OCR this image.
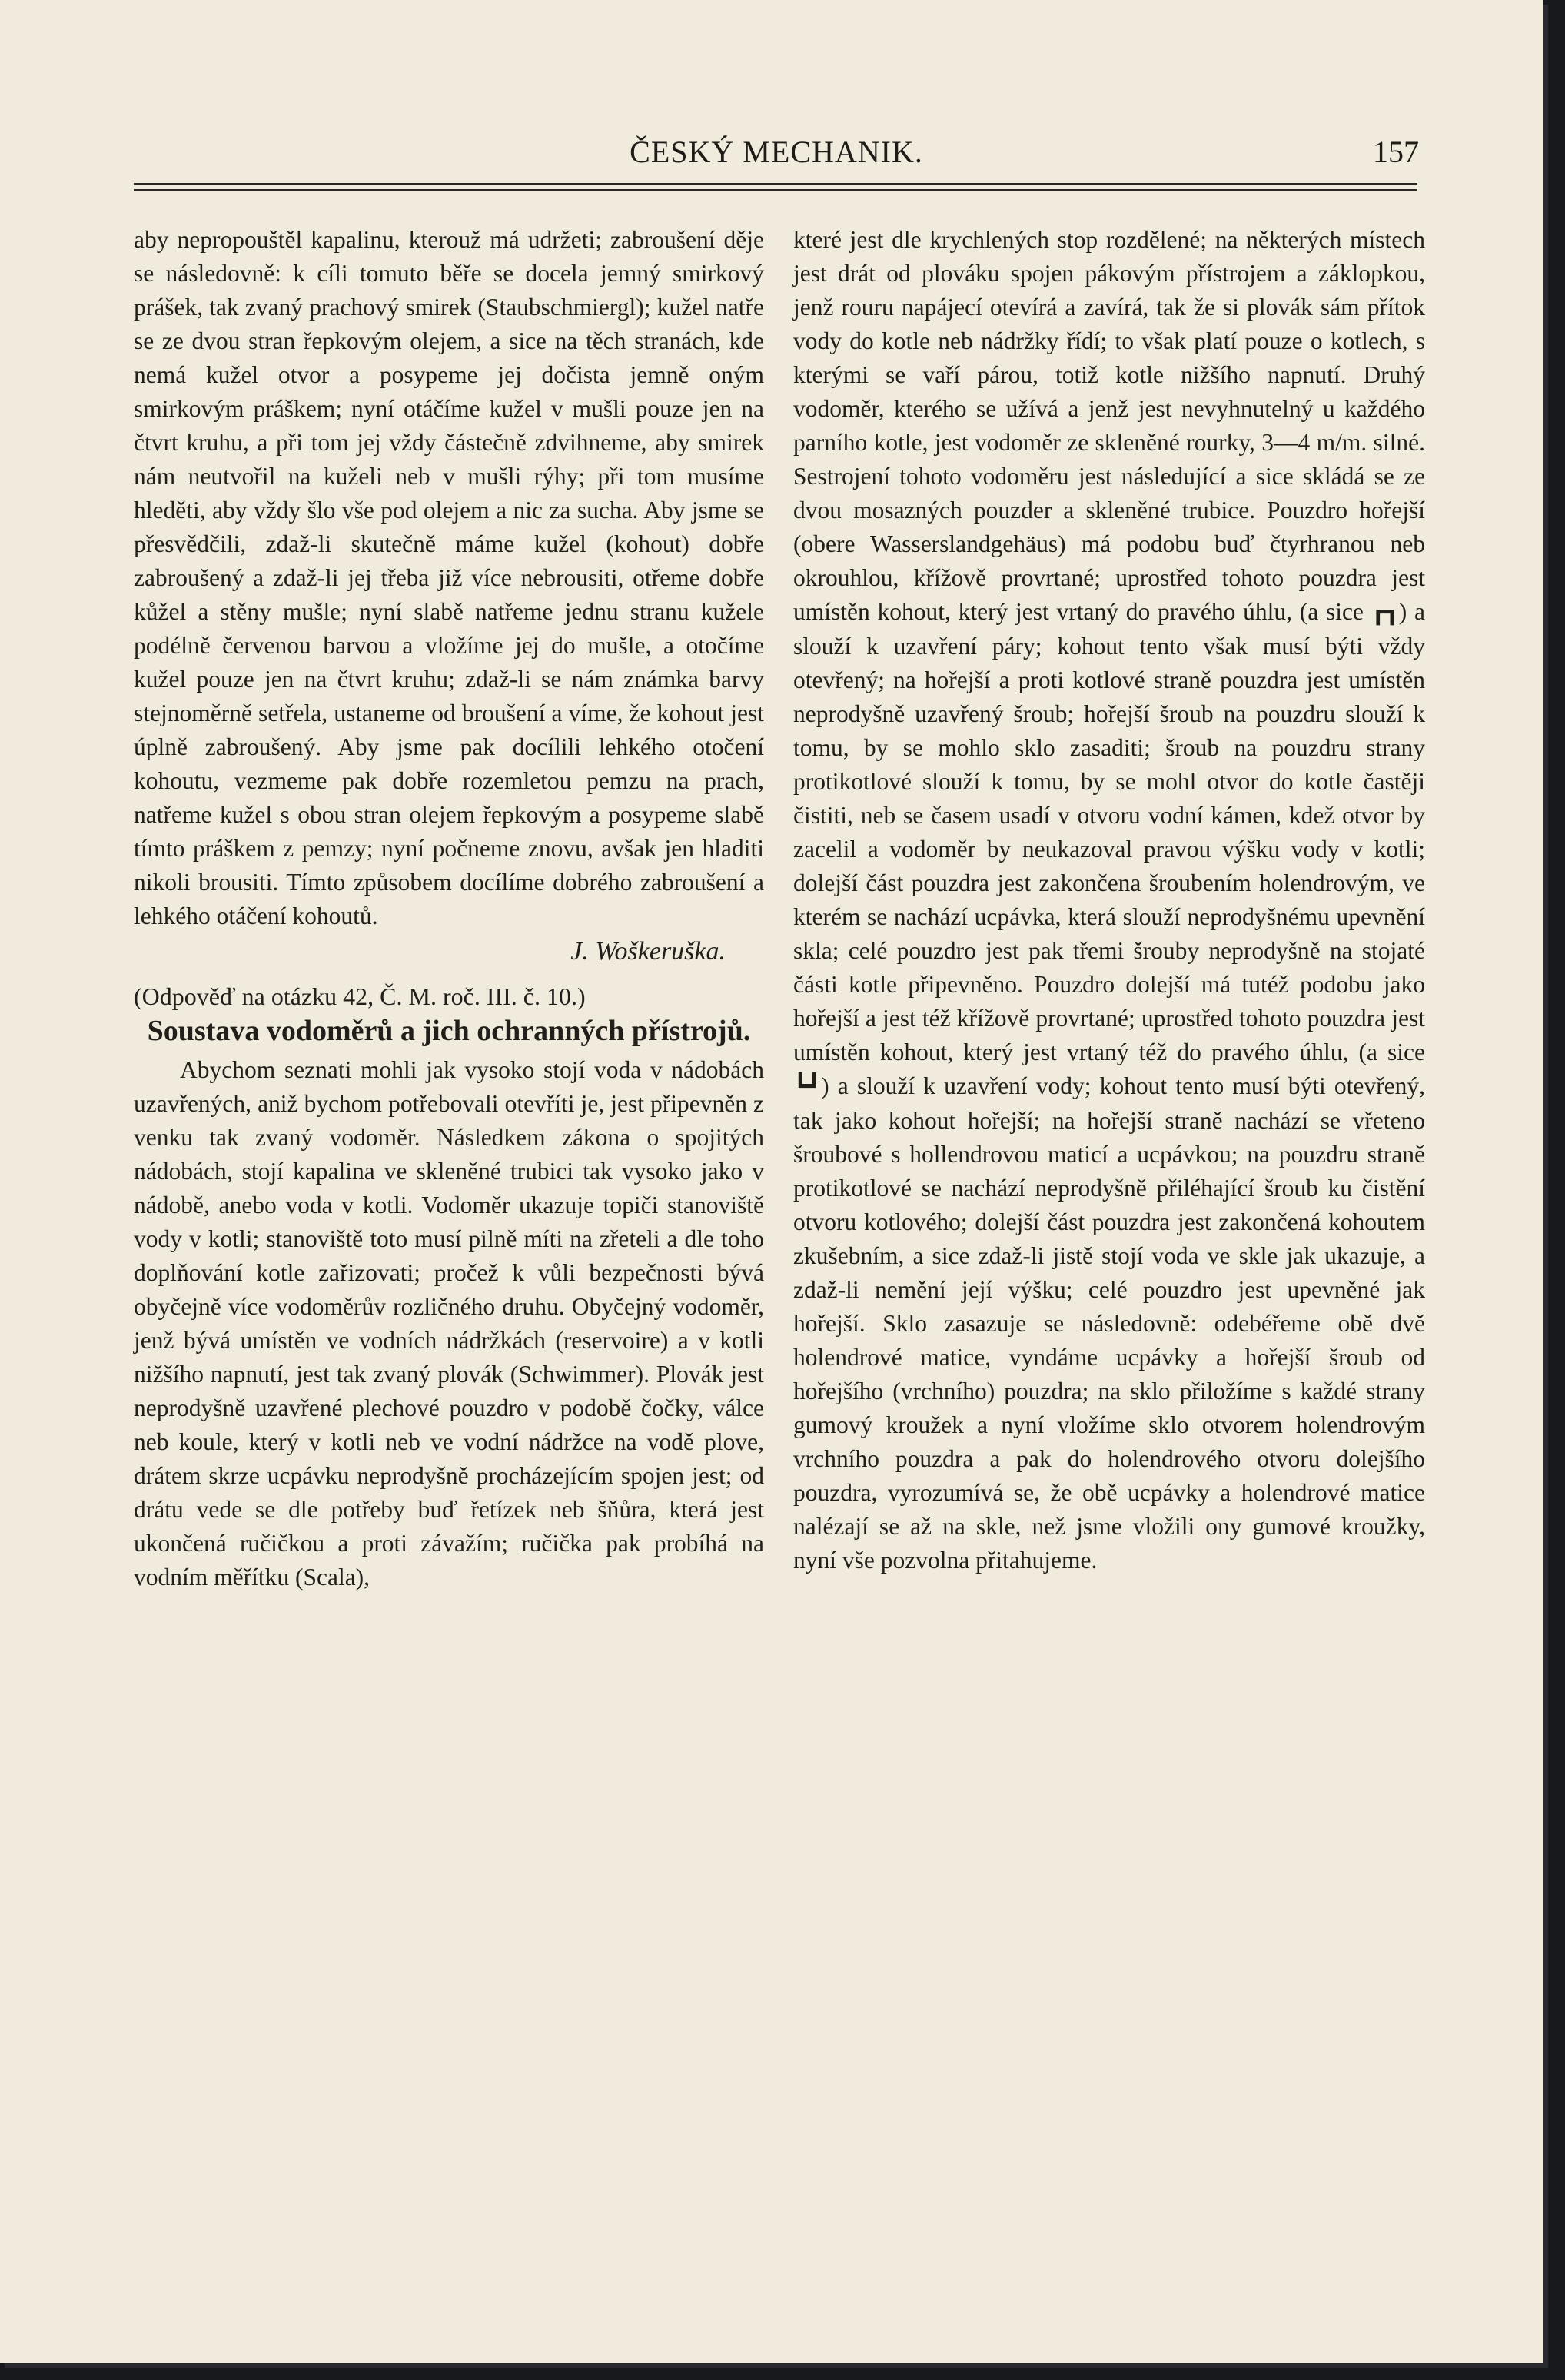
ČESKÝ MECHANIK.	157

aby nepropouštěl kapalinu, kterouž má udržeti; zabroušení děje se následovně: k cíli tomuto běře se docela jemný smirkový prášek, tak zvaný prachový smirek (Staubschmiergl); kužel natře se ze dvou stran řepkovým olejem, a sice na těch stranách, kde nemá kužel otvor a posypeme jej dočista jemně oným smirkovým práškem; nyní otáčíme kužel v mušli pouze jen na čtvrt kruhu, a při tom jej vždy částečně zdvihneme, aby smirek nám neutvořil na kuželi neb v mušli rýhy; při tom musíme hleděti, aby vždy šlo vše pod olejem a nic za sucha. Aby jsme se přesvědčili, zdaž-li skutečně máme kužel (kohout) dobře zabroušený a zdaž-li jej třeba již více nebrousiti, otřeme dobře kůžel a stěny mušle; nyní slabě natřeme jednu stranu kužele podélně červenou barvou a vložíme jej do mušle, a otočíme kužel pouze jen na čtvrt kruhu; zdaž-li se nám známka barvy stejnoměrně setřela, ustaneme od broušení a víme, že kohout jest úplně zabroušený. Aby jsme pak docílili lehkého otočení kohoutu, vezmeme pak dobře rozemletou pemzu na prach, natřeme kužel s obou stran olejem řepkovým a posypeme slabě tímto práškem z pemzy; nyní počneme znovu, avšak jen hladiti nikoli brousiti. Tímto způsobem docílíme dobrého zabroušení a lehkého otáčení kohoutů.

J. Woškeruška.

(Odpověď na otázku 42, Č. M. roč. III. č. 10.)

Soustava vodoměrů a jich ochranných přístrojů.

Abychom seznati mohli jak vysoko stojí voda v nádobách uzavřených, aniž bychom potřebovali otevříti je, jest připevněn z venku tak zvaný vodoměr. Následkem zákona o spojitých nádobách, stojí kapalina ve skleněné trubici tak vysoko jako v nádobě, anebo voda v kotli. Vodoměr ukazuje topiči stanoviště vody v kotli; stanoviště toto musí pilně míti na zřeteli a dle toho doplňování kotle zařizovati; pročež k vůli bezpečnosti bývá obyčejně více vodoměrův rozličného druhu. Obyčejný vodoměr, jenž bývá umístěn ve vodních nádržkách (reservoire) a v kotli nižšího napnutí, jest tak zvaný plovák (Schwimmer). Plovák jest neprodyšně uzavřené plechové pouzdro v podobě čočky, válce neb koule, který v kotli neb ve vodní nádržce na vodě plove, drátem skrze ucpávku neprodyšně procházejícím spojen jest; od drátu vede se dle potřeby buď řetízek neb šňůra, která jest ukončená ručičkou a proti závažím; ručička pak probíhá na vodním měřítku (Scala),

které jest dle krychlených stop rozdělené; na některých místech jest drát od plováku spojen pákovým přístrojem a záklopkou, jenž rouru napájecí otevírá a zavírá, tak že si plovák sám přítok vody do kotle neb nádržky řídí; to však platí pouze o kotlech, s kterými se vaří párou, totiž kotle nižšího napnutí. Druhý vodoměr, kterého se užívá a jenž jest nevyhnutelný u každého parního kotle, jest vodoměr ze skleněné rourky, 3—4 m/m. silné. Sestrojení tohoto vodoměru jest následující a sice skládá se ze dvou mosazných pouzder a skleněné trubice. Pouzdro hořejší (obere Wasserslandgehäus) má podobu buď čtyrhranou neb okrouhlou, křížově provrtané; uprostřed tohoto pouzdra jest umístěn kohout, který jest vrtaný do pravého úhlu, (a sice ┏┓) a slouží k uzavření páry; kohout tento však musí býti vždy otevřený; na hořejší a proti kotlové straně pouzdra jest umístěn neprodyšně uzavřený šroub; hořejší šroub na pouzdru slouží k tomu, by se mohlo sklo zasaditi; šroub na pouzdru strany protikotlové slouží k tomu, by se mohl otvor do kotle častěji čistiti, neb se časem usadí v otvoru vodní kámen, kdež otvor by zacelil a vodoměr by neukazoval pravou výšku vody v kotli; dolejší část pouzdra jest zakončena šroubením holendrovým, ve kterém se nachází ucpávka, která slouží neprodyšnému upevnění skla; celé pouzdro jest pak třemi šrouby neprodyšně na stojaté části kotle připevněno. Pouzdro dolejší má tutéž podobu jako hořejší a jest též křížově provrtané; uprostřed tohoto pouzdra jest umístěn kohout, který jest vrtaný též do pravého úhlu, (a sice ┗┛) a slouží k uzavření vody; kohout tento musí býti otevřený, tak jako kohout hořejší; na hořejší straně nachází se vřeteno šroubové s hollendrovou maticí a ucpávkou; na pouzdru straně protikotlové se nachází neprodyšně přiléhající šroub ku čistění otvoru kotlového; dolejší část pouzdra jest zakončená kohoutem zkušebním, a sice zdaž-li jistě stojí voda ve skle jak ukazuje, a zdaž-li nemění její výšku; celé pouzdro jest upevněné jak hořejší. Sklo zasazuje se následovně: odebéřeme obě dvě holendrové matice, vyndáme ucpávky a hořejší šroub od hořejšího (vrchního) pouzdra; na sklo přiložíme s každé strany gumový kroužek a nyní vložíme sklo otvorem holendrovým vrchního pouzdra a pak do holendrového otvoru dolejšího pouzdra, vyrozumívá se, že obě ucpávky a holendrové matice nalézají se až na skle, než jsme vložili ony gumové kroužky, nyní vše pozvolna přitahujeme.
